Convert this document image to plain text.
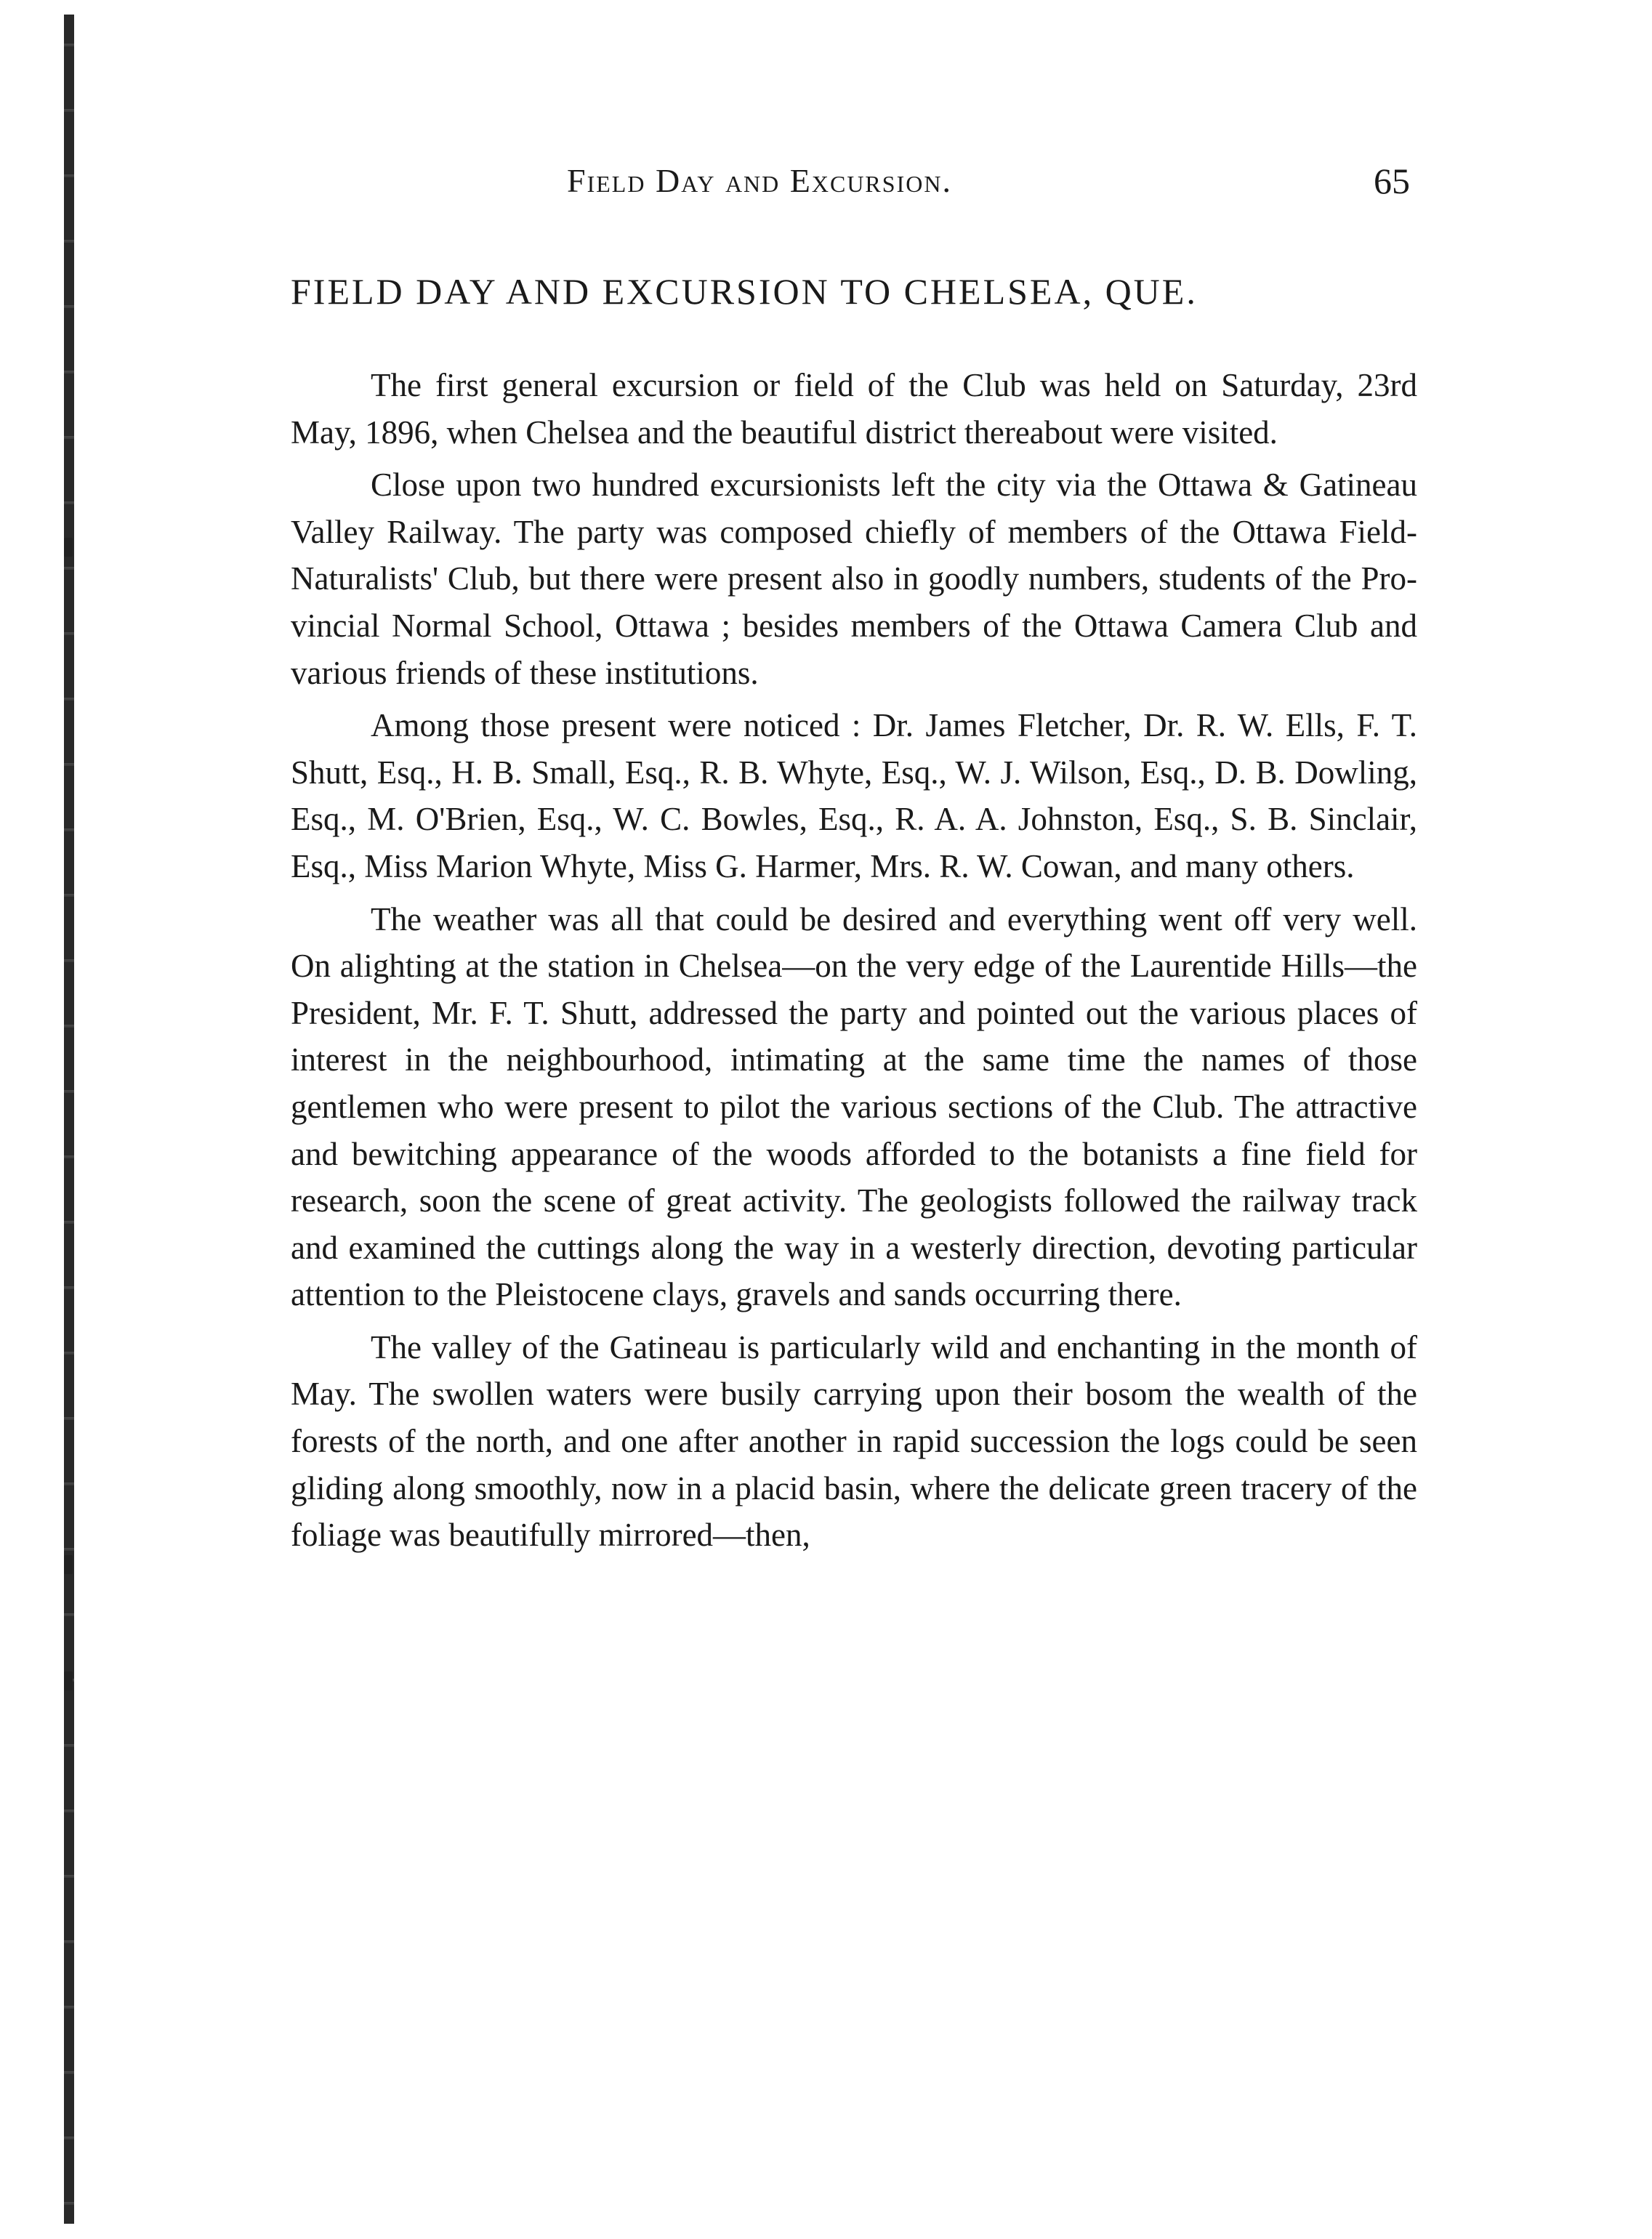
Field Day and Excursion.	65
FIELD DAY AND EXCURSION TO CHELSEA, QUE.

The first general excursion or field of the Club was held on Saturday, 23rd May, 1896, when Chelsea and the beautiful district thereabout were visited.

Close upon two hundred excursionists left the city via the Ottawa & Gatineau Valley Railway. The party was composed chiefly of members of the Ottawa Field-Naturalists' Club, but there were present also in goodly numbers, students of the Provincial Normal School, Ottawa ; besides members of the Ottawa Camera Club and various friends of these institutions.

Among those present were noticed : Dr. James Fletcher, Dr. R. W. Ells, F. T. Shutt, Esq., H. B. Small, Esq., R. B. Whyte, Esq., W. J. Wilson, Esq., D. B. Dowling, Esq., M. O'Brien, Esq., W. C. Bowles, Esq., R. A. A. Johnston, Esq., S. B. Sinclair, Esq., Miss Marion Whyte, Miss G. Harmer, Mrs. R. W. Cowan, and many others.

The weather was all that could be desired and everything went off very well. On alighting at the station in Chelsea—on the very edge of the Laurentide Hills—the President, Mr. F. T. Shutt, addressed the party and pointed out the various places of interest in the neighbourhood, intimating at the same time the names of those gentlemen who were present to pilot the various sections of the Club. The attractive and bewitching appearance of the woods afforded to the botanists a fine field for research, soon the scene of great activity. The geologists followed the railway track and examined the cuttings along the way in a westerly direction, devoting particular attention to the Pleistocene clays, gravels and sands occurring there.

The valley of the Gatineau is particularly wild and enchanting in the month of May. The swollen waters were busily carrying upon their bosom the wealth of the forests of the north, and one after another in rapid succession the logs could be seen gliding along smoothly, now in a placid basin, where the delicate green tracery of the foliage was beautifully mirrored—then,
